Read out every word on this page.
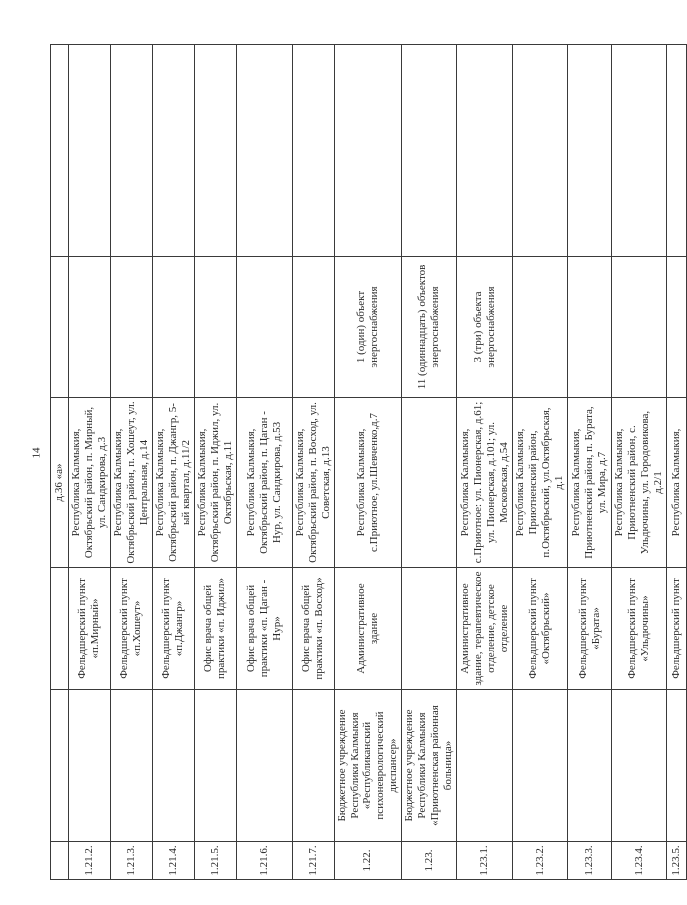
14
			д.36 «а»		
1.21.2.		Фельдшерский пункт «п.Мирный»	Республика Калмыкия, Октябрьский район, п. Мирный, ул. Сандкирова, д.3		
1.21.3.		Фельдшерский пункт «п.Хошеут»	Республика Калмыкия, Октябрьский район, п. Хошеут, ул. Центральная, д.14		
1.21.4.		Фельдшерский пункт «п.Джангр»	Республика Калмыкия, Октябрьский район, п. Джангр, 5-ый квартал, д.11/2		
1.21.5.		Офис врача общей практики «п. Иджил»	Республика Калмыкия, Октябрьский район, п. Иджил, ул. Октябрьская, д.11		
1.21.6.		Офис врача общей практики «п. Цаган - Нур»	Республика Калмыкия, Октябрьский район, п. Цаган - Нур, ул. Сандкирова, д.53		
1.21.7.		Офис врача общей практики «п. Восход»	Республика Калмыкия, Октябрьский район, п. Восход, ул. Советская, д.13		
1.22.	Бюджетное учреждение Республики Калмыкия «Республиканский психоневрологический диспансер»	Административное здание	Республика Калмыкия, с.Приютное, ул.Шевченко,д.7	1 (один) объект энергоснабжения	
1.23.	Бюджетное учреждение Республики Калмыкия «Приютненская районная больница»			11 (одиннадцать) объектов энергоснабжения	
1.23.1.		Административное здание, терапевтическое отделение, детское отделение	Республика Калмыкия, с.Приютное: ул. Пионерская, д.61; ул. Пионерская, д.101; ул. Московская, д.54	3 (три) объекта энергоснабжения	
1.23.2.		Фельдшерский пункт «Октябрьский»	Республика Калмыкия, Приютненский район, п.Октябрьский, ул.Октябрьская, д.1		
1.23.3.		Фельдшерский пункт «Бурата»	Республика Калмыкия, Приютненский район, п. Бурата, ул. Мира, д.7		
1.23.4.		Фельдшерский пункт «Ульдючины»	Республика Калмыкия, Приютненский район, с. Ульдючины, ул. Городовикова, д.2/1		
1.23.5.		Фельдшерский пункт	Республика Калмыкия,		
